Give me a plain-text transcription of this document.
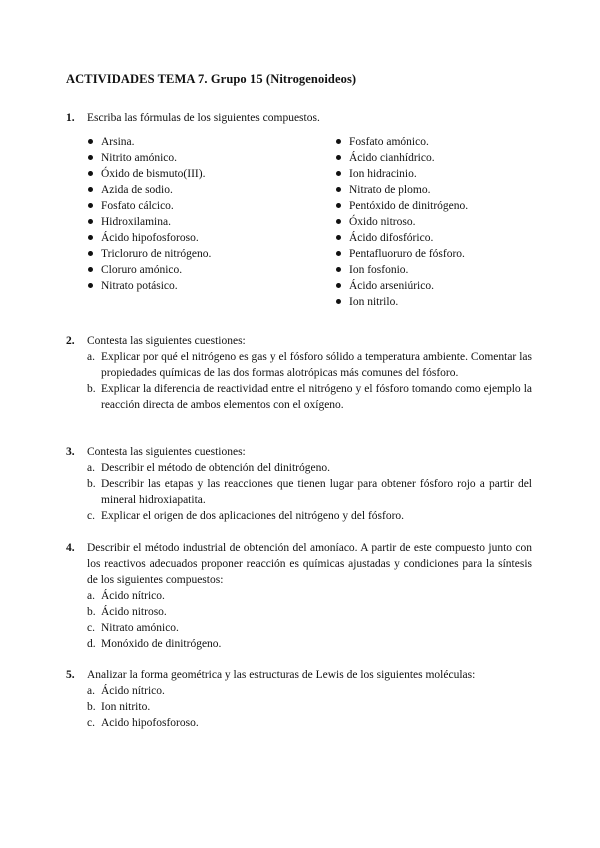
ACTIVIDADES TEMA 7. Grupo 15 (Nitrogenoideos)
1. Escriba las fórmulas de los siguientes compuestos.
Arsina.
Nitrito amónico.
Óxido de bismuto(III).
Azida de sodio.
Fosfato cálcico.
Hidroxilamina.
Ácido hipofosforoso.
Tricloruro de nitrógeno.
Cloruro amónico.
Nitrato potásico.
Fosfato amónico.
Ácido cianhídrico.
Ion hidracinio.
Nitrato de plomo.
Pentóxido de dinitrógeno.
Óxido nitroso.
Ácido difosfórico.
Pentafluoruro de fósforo.
Ion fosfonio.
Ácido arseniúrico.
Ion nitrilo.
2. Contesta las siguientes cuestiones:
a. Explicar por qué el nitrógeno es gas y el fósforo sólido a temperatura ambiente. Comentar las propiedades químicas de las dos formas alotrópicas más comunes del fósforo.
b. Explicar la diferencia de reactividad entre el nitrógeno y el fósforo tomando como ejemplo la reacción directa de ambos elementos con el oxígeno.
3. Contesta las siguientes cuestiones:
a. Describir el método de obtención del dinitrógeno.
b. Describir las etapas y las reacciones que tienen lugar para obtener fósforo rojo a partir del mineral hidroxiapatita.
c. Explicar el origen de dos aplicaciones del nitrógeno y del fósforo.
4. Describir el método industrial de obtención del amoníaco. A partir de este compuesto junto con los reactivos adecuados proponer reacción es químicas ajustadas y condiciones para la síntesis de los siguientes compuestos:
a. Ácido nítrico.
b. Ácido nitroso.
c. Nitrato amónico.
d. Monóxido de dinitrógeno.
5. Analizar la forma geométrica y las estructuras de Lewis de los siguientes moléculas:
a. Ácido nítrico.
b. Ion nitrito.
c. Acido hipofosforoso.
